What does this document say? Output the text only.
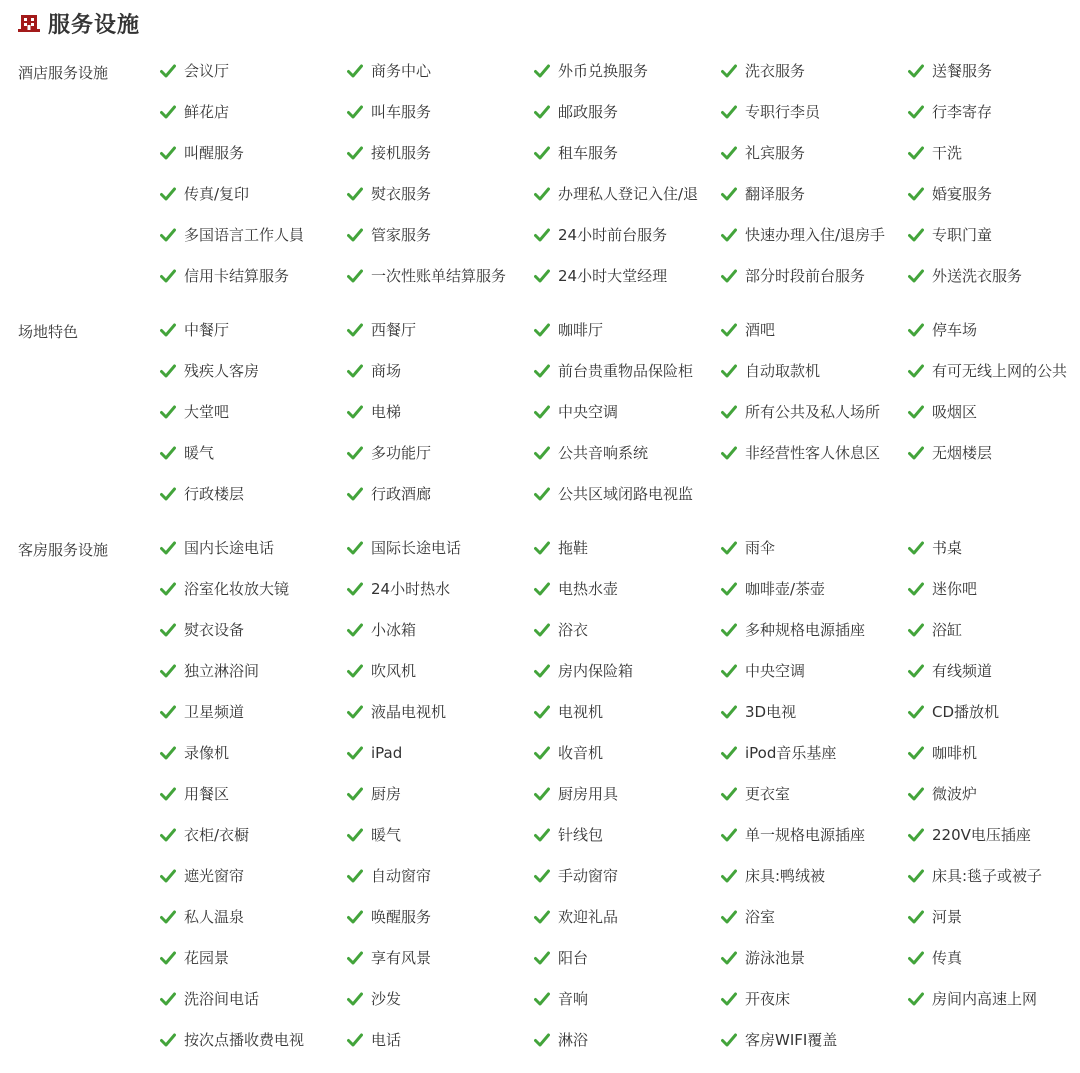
服务设施
酒店服务设施	会议厅	商务中心	外币兑换服务	洗衣服务	送餐服务
鲜花店	叫车服务	邮政服务	专职行李员	行李寄存
叫醒服务	接机服务	租车服务	礼宾服务	干洗
传真/复印	熨衣服务	办理私人登记入住/退	翻译服务	婚宴服务
多国语言工作人員	管家服务	24小时前台服务	快速办理入住/退房手	专职门童
信用卡结算服务	一次性账单结算服务	24小时大堂经理	部分时段前台服务	外送洗衣服务
场地特色	中餐厅	西餐厅	咖啡厅	酒吧	停车场
残疾人客房	商场	前台贵重物品保险柜	自动取款机	有可无线上网的公共
大堂吧	电梯	中央空调	所有公共及私人场所	吸烟区
暖气	多功能厅	公共音响系统	非经营性客人休息区	无烟楼层
行政楼层	行政酒廊	公共区域闭路电视监
客房服务设施	国内长途电话	国际长途电话	拖鞋	雨伞	书桌
浴室化妆放大镜	24小时热水	电热水壶	咖啡壶/茶壶	迷你吧
熨衣设备	小冰箱	浴衣	多种规格电源插座	浴缸
独立淋浴间	吹风机	房内保险箱	中央空调	有线频道
卫星频道	液晶电视机	电视机	3D电视	CD播放机
录像机	iPad	收音机	iPod音乐基座	咖啡机
用餐区	厨房	厨房用具	更衣室	微波炉
衣柜/衣橱	暖气	针线包	单一规格电源插座	220V电压插座
遮光窗帘	自动窗帘	手动窗帘	床具:鸭绒被	床具:毯子或被子
私人温泉	唤醒服务	欢迎礼品	浴室	河景
花园景	享有风景	阳台	游泳池景	传真
洗浴间电话	沙发	音响	开夜床	房间内高速上网
按次点播收费电视	电话	淋浴	客房WIFI覆盖
